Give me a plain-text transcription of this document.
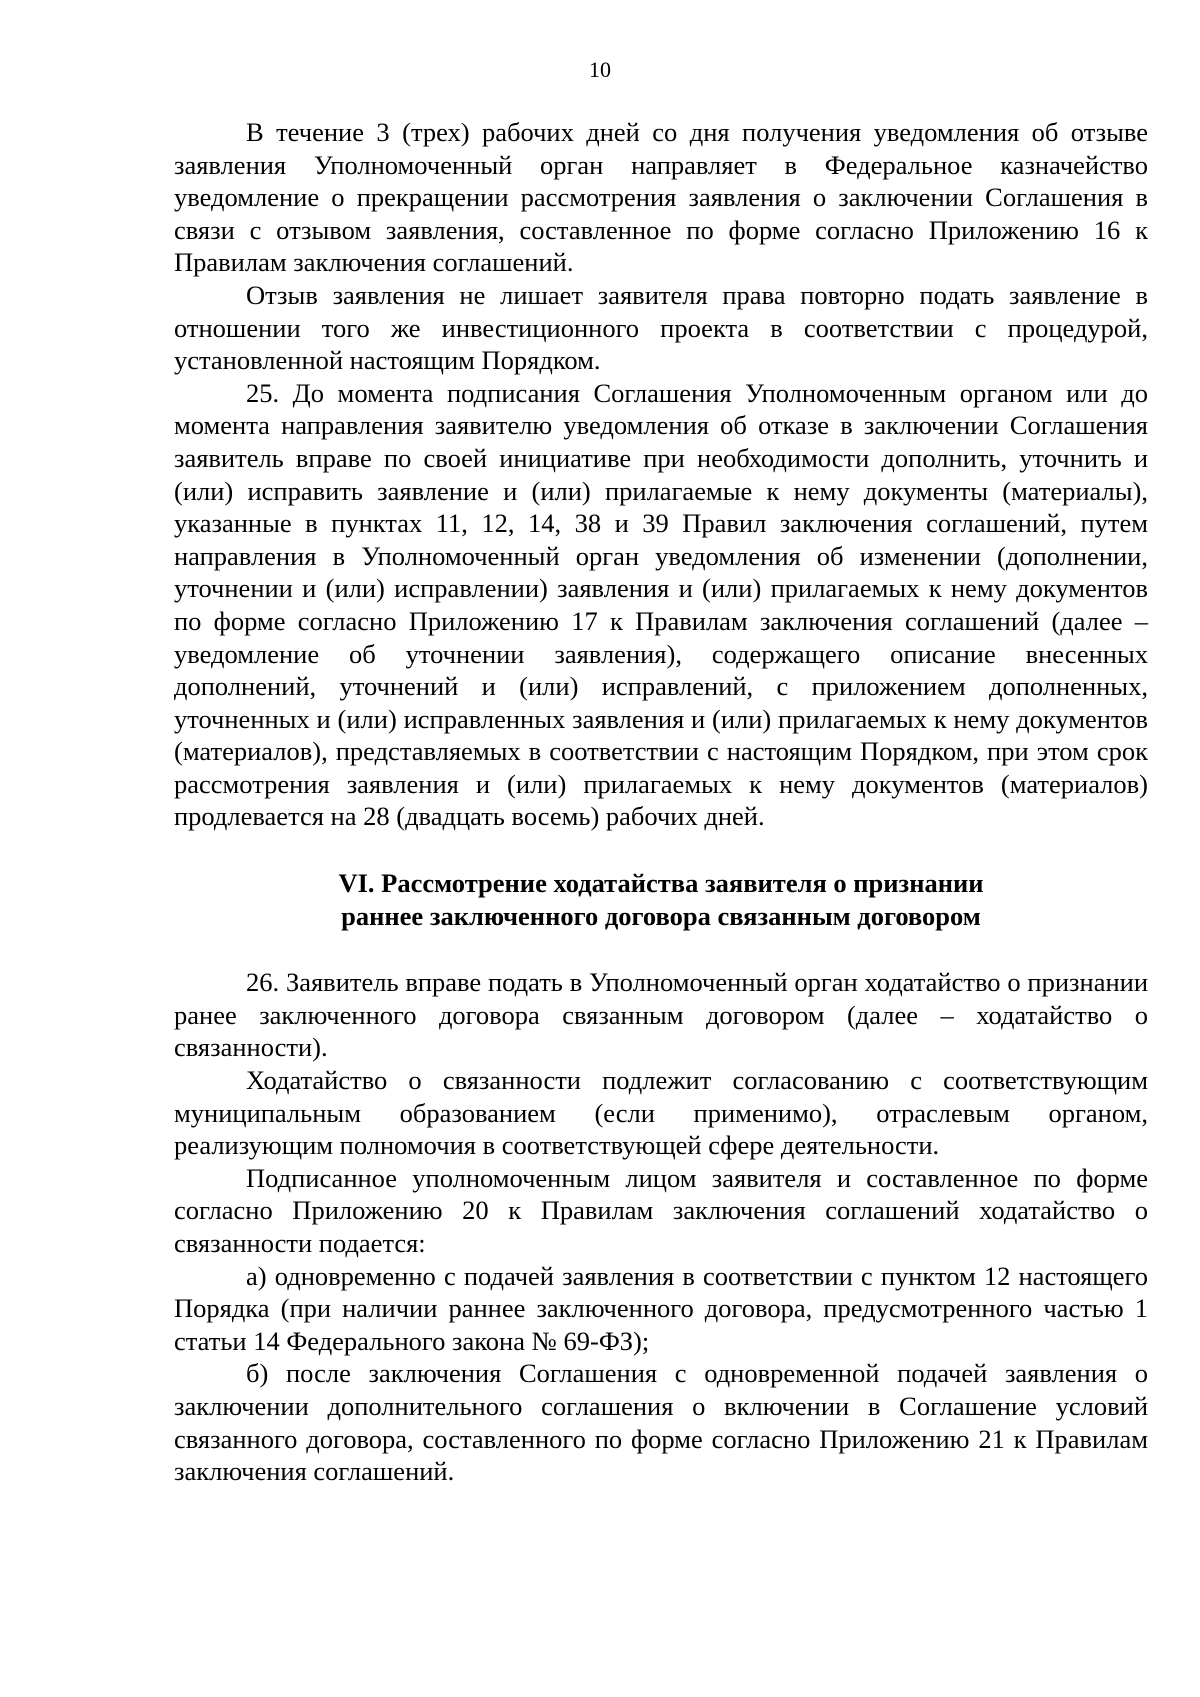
10

В течение 3 (трех) рабочих дней со дня получения уведомления об отзыве заявления Уполномоченный орган направляет в Федеральное казначейство уведомление о прекращении рассмотрения заявления о заключении Соглашения в связи с отзывом заявления, составленное по форме согласно Приложению 16 к Правилам заключения соглашений.

Отзыв заявления не лишает заявителя права повторно подать заявление в отношении того же инвестиционного проекта в соответствии с процедурой, установленной настоящим Порядком.

25. До момента подписания Соглашения Уполномоченным органом или до момента направления заявителю уведомления об отказе в заключении Соглашения заявитель вправе по своей инициативе при необходимости дополнить, уточнить и (или) исправить заявление и (или) прилагаемые к нему документы (материалы), указанные в пунктах 11, 12, 14, 38 и 39 Правил заключения соглашений, путем направления в Уполномоченный орган уведомления об изменении (дополнении, уточнении и (или) исправлении) заявления и (или) прилагаемых к нему документов по форме согласно Приложению 17 к Правилам заключения соглашений (далее – уведомление об уточнении заявления), содержащего описание внесенных дополнений, уточнений и (или) исправлений, с приложением дополненных, уточненных и (или) исправленных заявления и (или) прилагаемых к нему документов (материалов), представляемых в соответствии с настоящим Порядком, при этом срок рассмотрения заявления и (или) прилагаемых к нему документов (материалов) продлевается на 28 (двадцать восемь) рабочих дней.

VI. Рассмотрение ходатайства заявителя о признании
раннее заключенного договора связанным договором

26. Заявитель вправе подать в Уполномоченный орган ходатайство о признании ранее заключенного договора связанным договором (далее – ходатайство о связанности).

Ходатайство о связанности подлежит согласованию с соответствующим муниципальным образованием (если применимо), отраслевым органом, реализующим полномочия в соответствующей сфере деятельности.

Подписанное уполномоченным лицом заявителя и составленное по форме согласно Приложению 20 к Правилам заключения соглашений ходатайство о связанности подается:

а) одновременно с подачей заявления в соответствии с пунктом 12 настоящего Порядка (при наличии раннее заключенного договора, предусмотренного частью 1 статьи 14 Федерального закона № 69-ФЗ);

б) после заключения Соглашения с одновременной подачей заявления о заключении дополнительного соглашения о включении в Соглашение условий связанного договора, составленного по форме согласно Приложению 21 к Правилам заключения соглашений.
